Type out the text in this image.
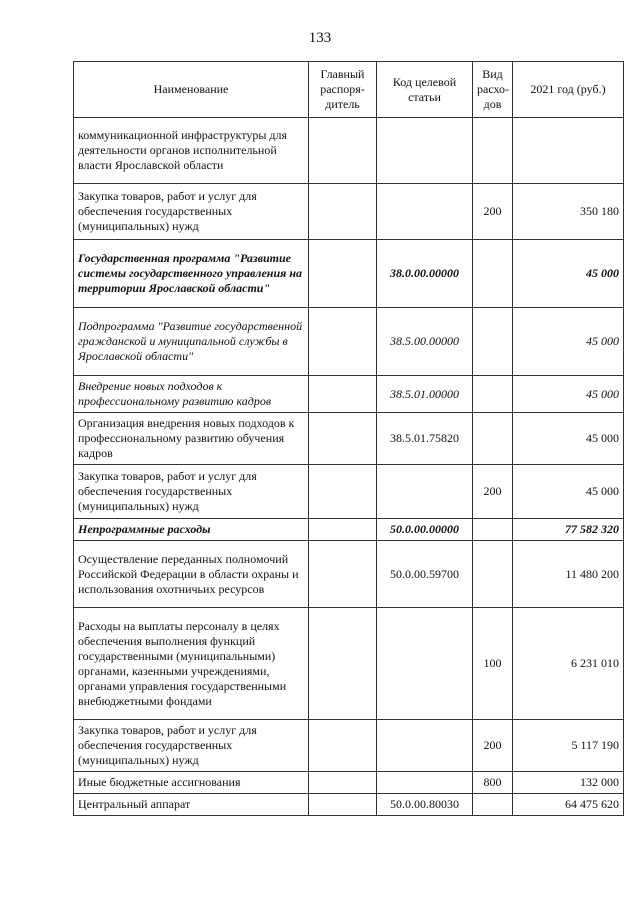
133
Наименование	Главный распоря-дитель	Код целевой статьи	Вид расхо-дов	2021 год (руб.)
коммуникационной инфраструктуры для деятельности органов исполнительной власти Ярославской области				
Закупка товаров, работ и услуг для обеспечения государственных (муниципальных) нужд			200	350 180
Государственная программа "Развитие системы государственного управления на территории Ярославской области"		38.0.00.00000		45 000
Подпрограмма "Развитие государственной гражданской и муниципальной службы в Ярославской области"		38.5.00.00000		45 000
Внедрение новых подходов к профессиональному развитию кадров		38.5.01.00000		45 000
Организация внедрения новых подходов к профессиональному развитию обучения кадров		38.5.01.75820		45 000
Закупка товаров, работ и услуг для обеспечения государственных (муниципальных) нужд			200	45 000
Непрограммные расходы		50.0.00.00000		77 582 320
Осуществление переданных полномочий Российской Федерации в области охраны и использования охотничьих ресурсов		50.0.00.59700		11 480 200
Расходы на выплаты персоналу в целях обеспечения выполнения функций государственными (муниципальными) органами, казенными учреждениями, органами управления государственными внебюджетными фондами			100	6 231 010
Закупка товаров, работ и услуг для обеспечения государственных (муниципальных) нужд			200	5 117 190
Иные бюджетные ассигнования			800	132 000
Центральный аппарат		50.0.00.80030		64 475 620
